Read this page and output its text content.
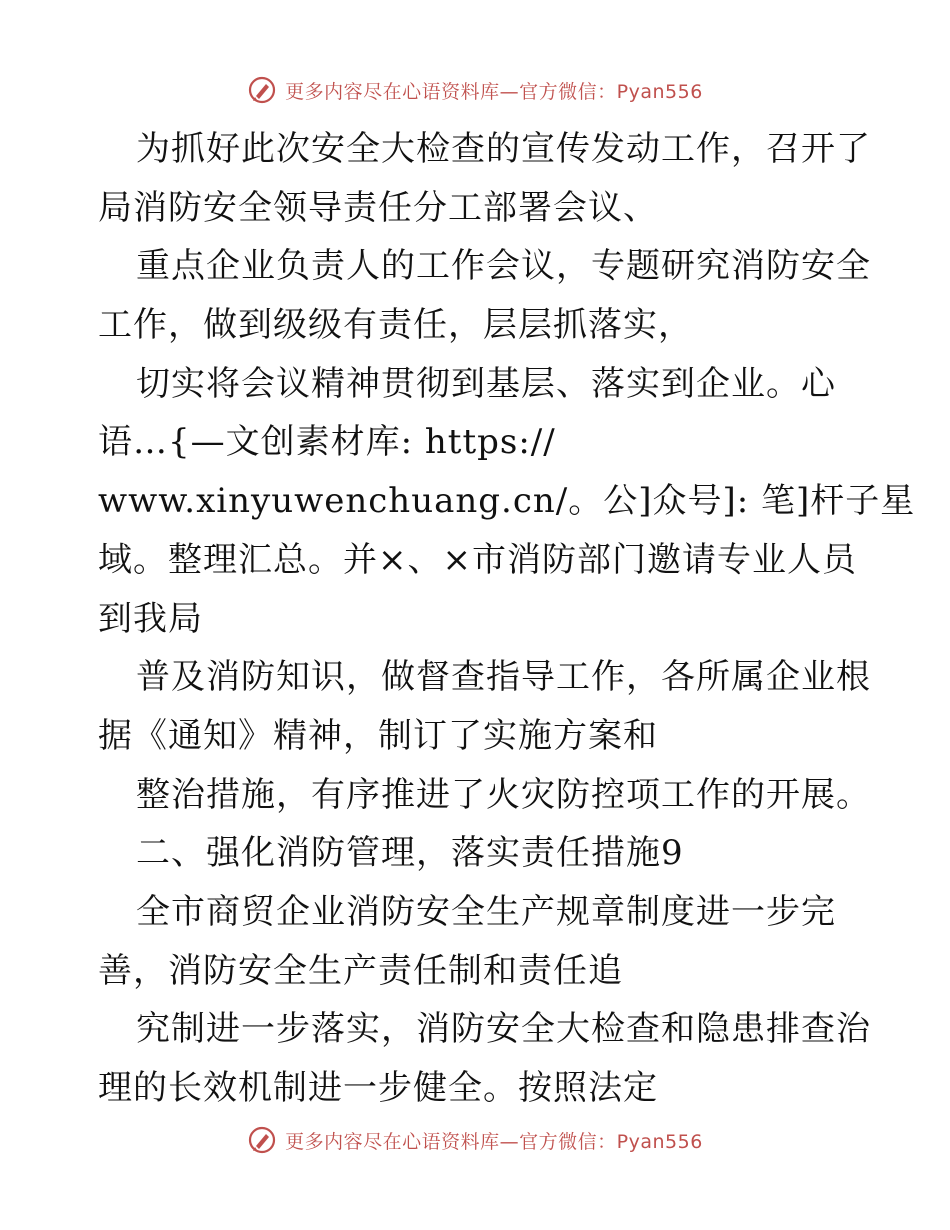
更多内容尽在心语资料库—官方微信：Pyan556
为抓好此次安全大检查的宣传发动工作，召开了
局消防安全领导责任分工部署会议、
重点企业负责人的工作会议，专题研究消防安全
工作，做到级级有责任，层层抓落实，
切实将会议精神贯彻到基层、落实到企业。心
语…{—文创素材库: https://
www.xinyuwenchuang.cn/。公]众号]: 笔]杆子星
域。整理汇总。并×、×市消防部门邀请专业人员
到我局
普及消防知识，做督查指导工作，各所属企业根
据《通知》精神，制订了实施方案和
整治措施，有序推进了火灾防控项工作的开展。
二、强化消防管理，落实责任措施9
全市商贸企业消防安全生产规章制度进一步完
善，消防安全生产责任制和责任追
究制进一步落实，消防安全大检查和隐患排查治
理的长效机制进一步健全。按照法定
更多内容尽在心语资料库—官方微信：Pyan556
